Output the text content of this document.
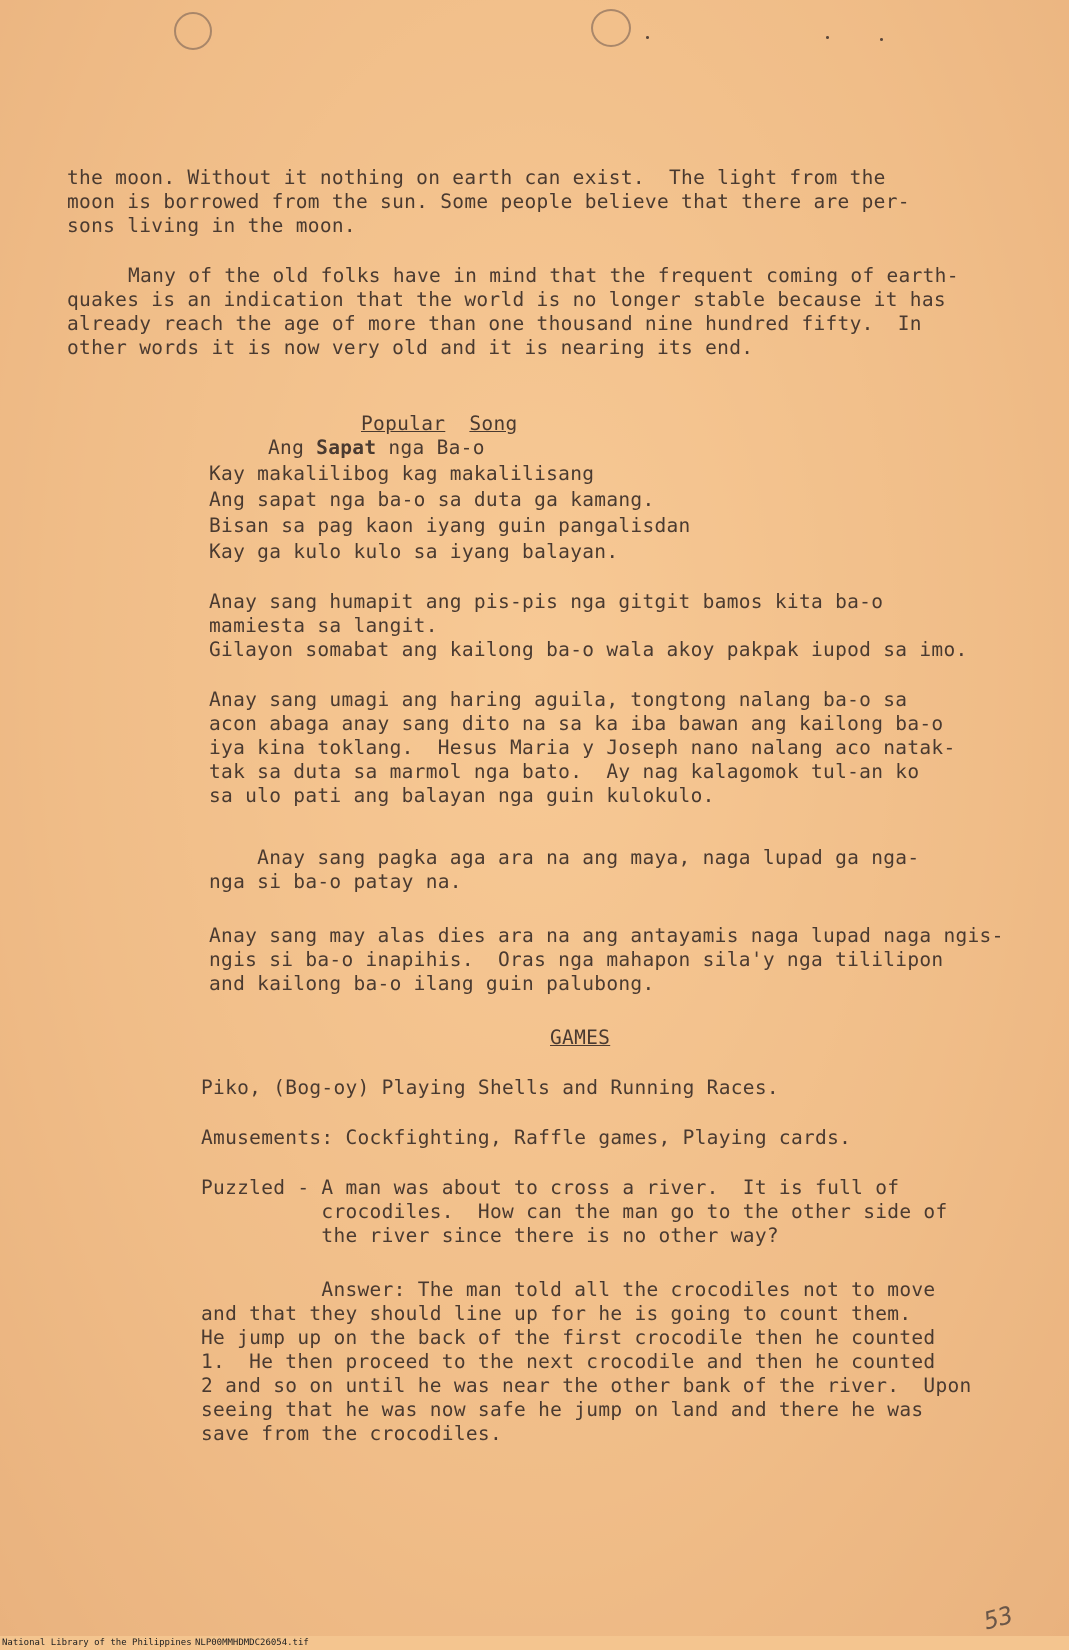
the moon. Without it nothing on earth can exist.  The light from the
moon is borrowed from the sun. Some people believe that there are per-
sons living in the moon.
Many of the old folks have in mind that the frequent coming of earth-
quakes is an indication that the world is no longer stable because it has
already reach the age of more than one thousand nine hundred fifty.  In
other words it is now very old and it is nearing its end.
Popular Song
Ang Sapat nga Ba-o
Kay makalilibog kag makalilisang
Ang sapat nga ba-o sa duta ga kamang.
Bisan sa pag kaon iyang guin pangalisdan
Kay ga kulo kulo sa iyang balayan.
Anay sang humapit ang pis-pis nga gitgit bamos kita ba-o
mamiesta sa langit.
Gilayon somabat ang kailong ba-o wala akoy pakpak iupod sa imo.
Anay sang umagi ang haring aguila, tongtong nalang ba-o sa
acon abaga anay sang dito na sa ka iba bawan ang kailong ba-o
iya kina toklang.  Hesus Maria y Joseph nano nalang aco natak-
tak sa duta sa marmol nga bato.  Ay nag kalagomok tul-an ko
sa ulo pati ang balayan nga guin kulokulo.
Anay sang pagka aga ara na ang maya, naga lupad ga nga-
nga si ba-o patay na.
Anay sang may alas dies ara na ang antayamis naga lupad naga ngis-
ngis si ba-o inapihis.  Oras nga mahapon sila'y nga tililipon
and kailong ba-o ilang guin palubong.
GAMES
Piko, (Bog-oy) Playing Shells and Running Races.
Amusements: Cockfighting, Raffle games, Playing cards.
Puzzled - A man was about to cross a river.  It is full of
crocodiles.  How can the man go to the other side of
the river since there is no other way?
Answer: The man told all the crocodiles not to move
and that they should line up for he is going to count them.
He jump up on the back of the first crocodile then he counted
1.  He then proceed to the next crocodile and then he counted
2 and so on until he was near the other bank of the river.  Upon
seeing that he was now safe he jump on land and there he was
save from the crocodiles.
53
National Library of the Philippines NLP00MMHDMDC26054.tif
